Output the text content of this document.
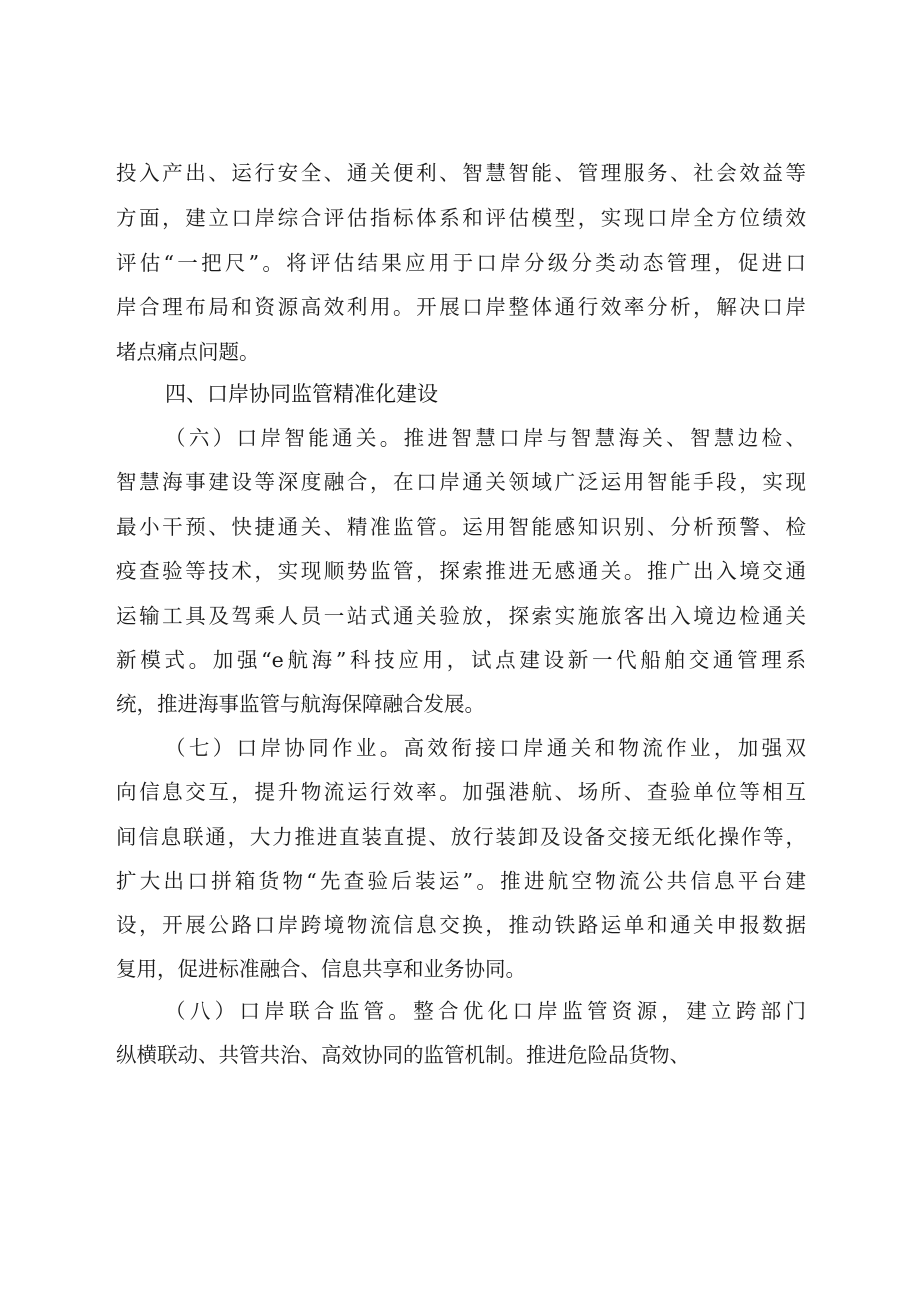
投入产出、运行安全、通关便利、智慧智能、管理服务、社会效益等
方面，建立口岸综合评估指标体系和评估模型，实现口岸全方位绩效
评估“一把尺”。将评估结果应用于口岸分级分类动态管理，促进口
岸合理布局和资源高效利用。开展口岸整体通行效率分析，解决口岸
堵点痛点问题。
四、口岸协同监管精准化建设
（六）口岸智能通关。推进智慧口岸与智慧海关、智慧边检、
智慧海事建设等深度融合，在口岸通关领域广泛运用智能手段，实现
最小干预、快捷通关、精准监管。运用智能感知识别、分析预警、检
疫查验等技术，实现顺势监管，探索推进无感通关。推广出入境交通
运输工具及驾乘人员一站式通关验放，探索实施旅客出入境边检通关
新模式。加强“e航海”科技应用，试点建设新一代船舶交通管理系
统，推进海事监管与航海保障融合发展。
（七）口岸协同作业。高效衔接口岸通关和物流作业，加强双
向信息交互，提升物流运行效率。加强港航、场所、查验单位等相互
间信息联通，大力推进直装直提、放行装卸及设备交接无纸化操作等，
扩大出口拼箱货物“先查验后装运”。推进航空物流公共信息平台建
设，开展公路口岸跨境物流信息交换，推动铁路运单和通关申报数据
复用，促进标准融合、信息共享和业务协同。
（八）口岸联合监管。整合优化口岸监管资源，建立跨部门
纵横联动、共管共治、高效协同的监管机制。推进危险品货物、
